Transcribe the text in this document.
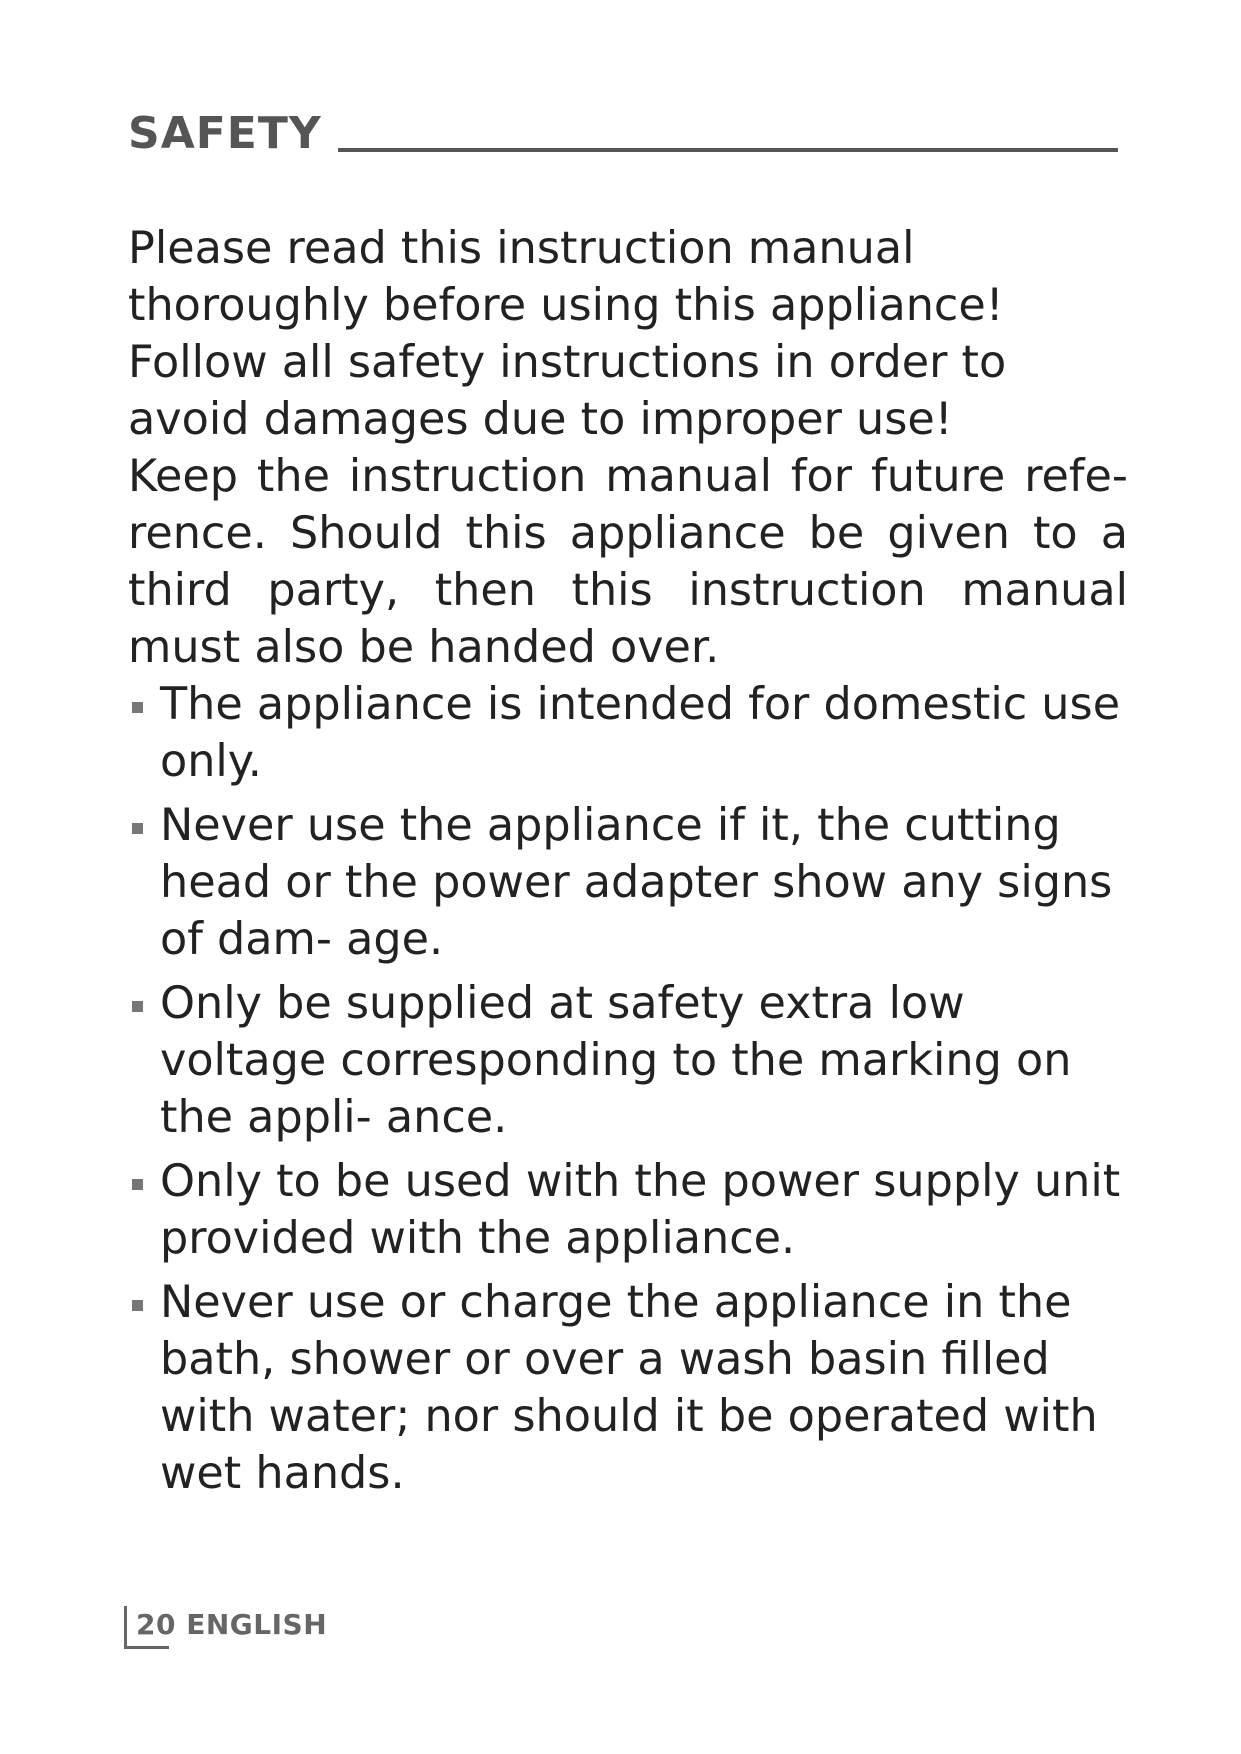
SAFETY

Please read this instruction manual thoroughly before using this appliance! Follow all safety instructions in order to avoid damages due to improper use!

Keep the instruction manual for future refe- rence. Should this appliance be given to a third party, then this instruction manual must also be handed over.

The appliance is intended for domestic use only.
Never use the appliance if it, the cutting head or the power adapter show any signs of dam- age.
Only be supplied at safety extra low voltage corresponding to the marking on the appli- ance.
Only to be used with the power supply unit provided with the appliance.
Never use or charge the appliance in the bath, shower or over a wash basin filled with water; nor should it be operated with wet hands.
20 ENGLISH
